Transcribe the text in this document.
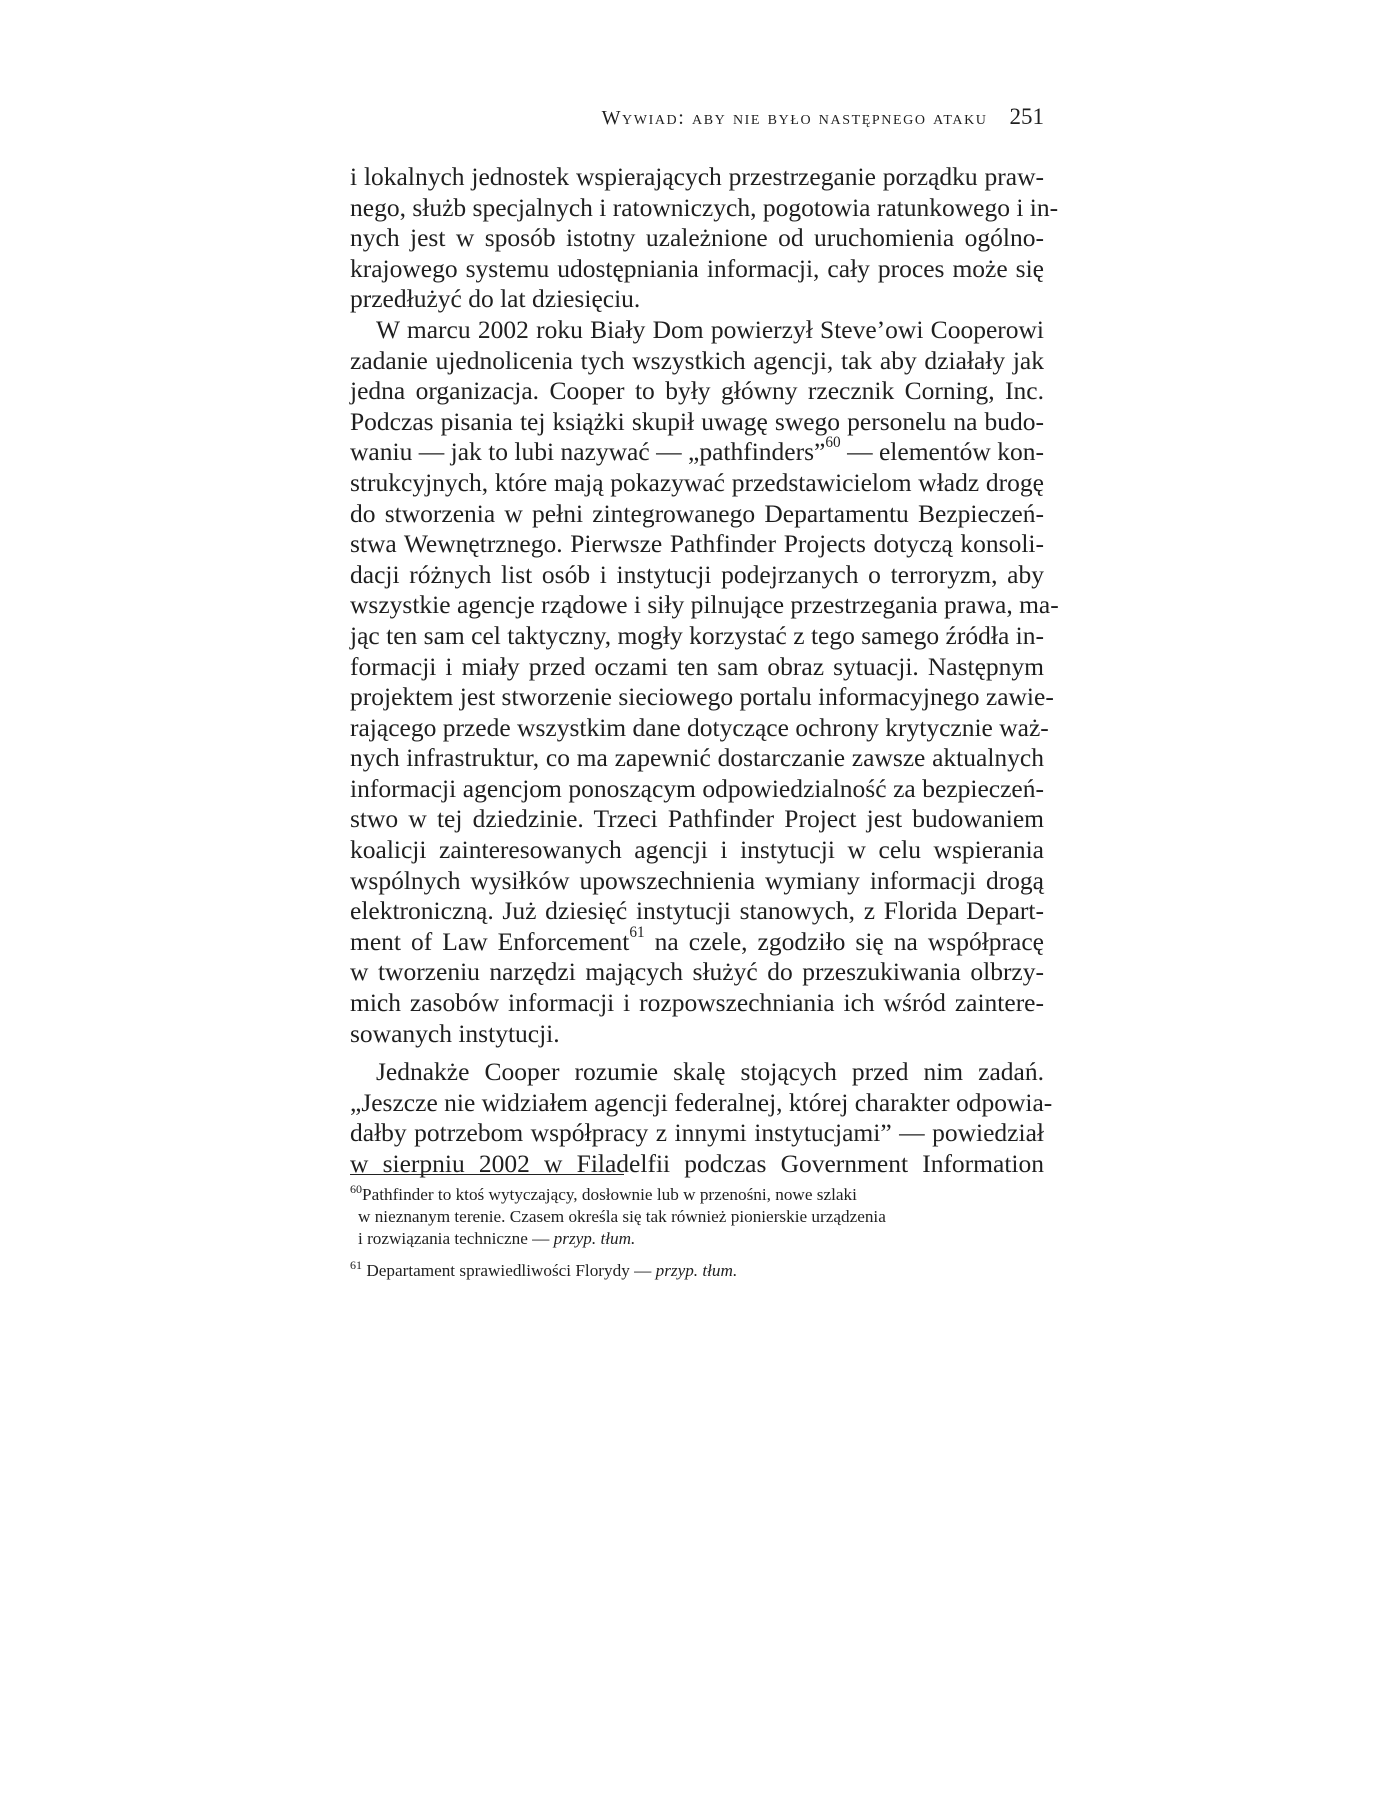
Wywiad: aby nie było następnego ataku 251
i lokalnych jednostek wspierających przestrzeganie porządku praw-
nego, służb specjalnych i ratowniczych, pogotowia ratunkowego i in-
nych jest w sposób istotny uzależnione od uruchomienia ogólno-
krajowego systemu udostępniania informacji, cały proces może się
przedłużyć do lat dziesięciu.
W marcu 2002 roku Biały Dom powierzył Steve’owi Cooperowi
zadanie ujednolicenia tych wszystkich agencji, tak aby działały jak
jedna organizacja. Cooper to były główny rzecznik Corning, Inc.
Podczas pisania tej książki skupił uwagę swego personelu na budo-
waniu — jak to lubi nazywać — „pathfinders”$^{60}$ — elementów kon-
strukcyjnych, które mają pokazywać przedstawicielom władz drogę
do stworzenia w pełni zintegrowanego Departamentu Bezpieczeń-
stwa Wewnętrznego. Pierwsze Pathfinder Projects dotyczą konsoli-
dacji różnych list osób i instytucji podejrzanych o terroryzm, aby
wszystkie agencje rządowe i siły pilnujące przestrzegania prawa, ma-
jąc ten sam cel taktyczny, mogły korzystać z tego samego źródła in-
formacji i miały przed oczami ten sam obraz sytuacji. Następnym
projektem jest stworzenie sieciowego portalu informacyjnego zawie-
rającego przede wszystkim dane dotyczące ochrony krytycznie waż-
nych infrastruktur, co ma zapewnić dostarczanie zawsze aktualnych
informacji agencjom ponoszącym odpowiedzialność za bezpieczeń-
stwo w tej dziedzinie. Trzeci Pathfinder Project jest budowaniem
koalicji zainteresowanych agencji i instytucji w celu wspierania
wspólnych wysiłków upowszechnienia wymiany informacji drogą
elektroniczną. Już dziesięć instytucji stanowych, z Florida Depart-
ment of Law Enforcement$^{61}$ na czele, zgodziło się na współpracę
w tworzeniu narzędzi mających służyć do przeszukiwania olbrzy-
mich zasobów informacji i rozpowszechniania ich wśród zaintere-
sowanych instytucji.
Jednakże Cooper rozumie skalę stojących przed nim zadań.
„Jeszcze nie widziałem agencji federalnej, której charakter odpowia-
dałby potrzebom współpracy z innymi instytucjami” — powiedział
w sierpniu 2002 w Filadelfii podczas Government Information
$^{60}$Pathfinder to ktoś wytyczający, dosłownie lub w przenośni, nowe szlaki
w nieznanym terenie. Czasem określa się tak również pionierskie urządzenia
i rozwiązania techniczne — przyp. tłum.
$^{61}$ Departament sprawiedliwości Florydy — przyp. tłum.
